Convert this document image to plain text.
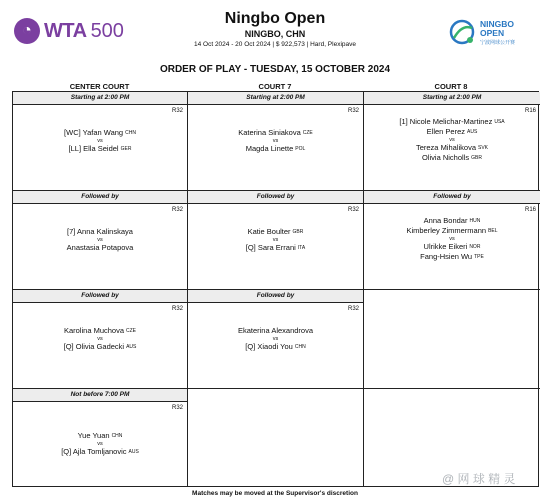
◔ WTA 500
Ningbo Open
NINGBO, CHN
14 Oct 2024 - 20 Oct 2024 | $ 922,573 | Hard, Plexipave
NINGBO
OPEN
宁波网球公开赛
ORDER OF PLAY - TUESDAY, 15 OCTOBER 2024
CENTER COURT	COURT 7	COURT 8
Starting at 2:00 PM
R32
[WC] Yafan Wang $^{CHN}$
vs
[LL] Ella Seidel $^{GER}$
Starting at 2:00 PM
R32
Katerina Siniakova $^{CZE}$
vs
Magda Linette $^{POL}$
Starting at 2:00 PM
R16
[1] Nicole Melichar-Martinez $^{USA}$
Ellen Perez $^{AUS}$
vs
Tereza Mihalikova $^{SVK}$
Olivia Nicholls $^{GBR}$
Followed by
R32
[7] Anna Kalinskaya
vs
Anastasia Potapova
Followed by
R32
Katie Boulter $^{GBR}$
vs
[Q] Sara Errani $^{ITA}$
Followed by
R16
Anna Bondar $^{HUN}$
Kimberley Zimmermann $^{BEL}$
vs
Ulrikke Eikeri $^{NOR}$
Fang-Hsien Wu $^{TPE}$
Followed by
R32
Karolina Muchova $^{CZE}$
vs
[Q] Olivia Gadecki $^{AUS}$
Followed by
R32
Ekaterina Alexandrova
vs
[Q] Xiaodi You $^{CHN}$
Not before 7:00 PM
R32
Yue Yuan $^{CHN}$
vs
[Q] Ajla Tomljanovic $^{AUS}$
@ 网 球 精 灵
Matches may be moved at the Supervisor's discretion
